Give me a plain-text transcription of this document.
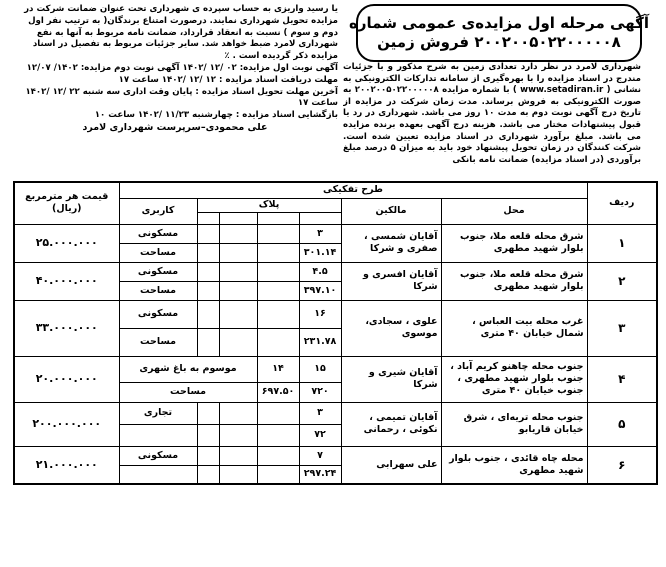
آگهی مرحله اول مزایده‌ی عمومی شماره
۲۰۰۲۰۰۵۰۲۲۰۰۰۰۰۸ فروش زمین
شهرداری لامرد در نظر دارد تعدادی زمین به شرح مذکور و با جزئیات مندرج در اسناد مزایده را با بهره‌گیری از سامانه تدارکات الکترونیکی به نشانی ( www.setadiran.ir ) با شماره مزایده ۲۰۰۲۰۰۵۰۲۲۰۰۰۰۰۸ به صورت الکترونیکی به فروش برساند. مدت زمان شرکت در مزایده از تاریخ درج آگهی نوبت دوم به مدت ۱۰ روز می باشد. شهرداری در رد یا قبول پیشنهادات مختار می باشد. هزینه درج آگهی بعهده برنده مزایده می باشد. مبلغ برآورد شهرداری در اسناد مزایده تعیین شده است. شرکت کنندگان در زمان تحویل پیشنهاد خود باید به میزان ۵ درصد مبلغ برآوردی (در اسناد مزایده) ضمانت نامه بانکی

یا رسید واریزی به حساب سپرده ی شهرداری تحت عنوان ضمانت شرکت در مزایده تحویل شهرداری نمایند. درصورت امتناع برندگان( به ترتیب نفر اول دوم و سوم ) نسبت به انعقاد قرارداد، ضمانت نامه مربوط به آنها به نفع شهرداری لامرد ضبط خواهد شد. سایر جزئیات مربوط به تفصیل در اسناد مزایده ذکر گردیده است . ٪

آگهی نوبت اول مزایده: ۰۲ /۱۲ /۱۴۰۲ آگهی نوبت دوم مزایده: ۱۴۰۲/ ۱۲/۰۷

مهلت دریافت اسناد مزایده : ۱۲ /۱۲ /۱۴۰۲ ساعت ۱۷

آخرین مهلت تحویل اسناد مزایده : پایان وقت اداری سه شنبه ۲۲ /۱۲ /۱۴۰۲

ساعت ۱۷

بازگشایی اسناد مزایده : چهارشنبه ۱۱/۲۳ /۱۴۰۲ ساعت ۱۰

علی محمودی–سرپرست شهرداری لامرد

ردیف	طرح تفکیکی							قیمت هر مترمربع (ریال)
	محل	مالکین	پلاک				کاربری	

۱	شرق محله قلعه ملا، جنوب بلوار شهید مطهری	آقایان شمسی ، صفری و شرکا	۳				مسکونی	۲۵.۰۰۰.۰۰۰
			۳۰۱.۱۴				مساحت	
۲	شرق محله قلعه ملا، جنوب بلوار شهید مطهری	آقایان افسری و شرکا	۴.۵				مسکونی	۴۰.۰۰۰.۰۰۰
			۳۹۷.۱۰				مساحت	
۳	غرب محله بیت العباس ، شمال خیابان ۴۰ متری	علوی ، سجادی، موسوی	۱۶				مسکونی	۳۳.۰۰۰.۰۰۰
			۲۳۱.۷۸				مساحت	
۴	جنوب محله چاهنو کریم آباد ، جنوب بلوار شهید مطهری ، جنوب خیابان ۴۰ متری	آقایان شیری و شرکا	۱۵	۱۴	موسوم به باغ شهری			۲۰.۰۰۰.۰۰۰
			۷۲۰	۶۹۷.۵۰	مساحت			
۵	جنوب محله تریه‌ای ، شرق خیابان قاریابو	آقایان تمیمی ، نکوئی ، رحمانی	۳				تجاری	۲۰۰.۰۰۰.۰۰۰
			۷۲					
۶	محله چاه قائدی ، جنوب بلوار شهید مطهری	علی سهرابی	۷				مسکونی	۲۱.۰۰۰.۰۰۰
			۲۹۷.۲۴					
